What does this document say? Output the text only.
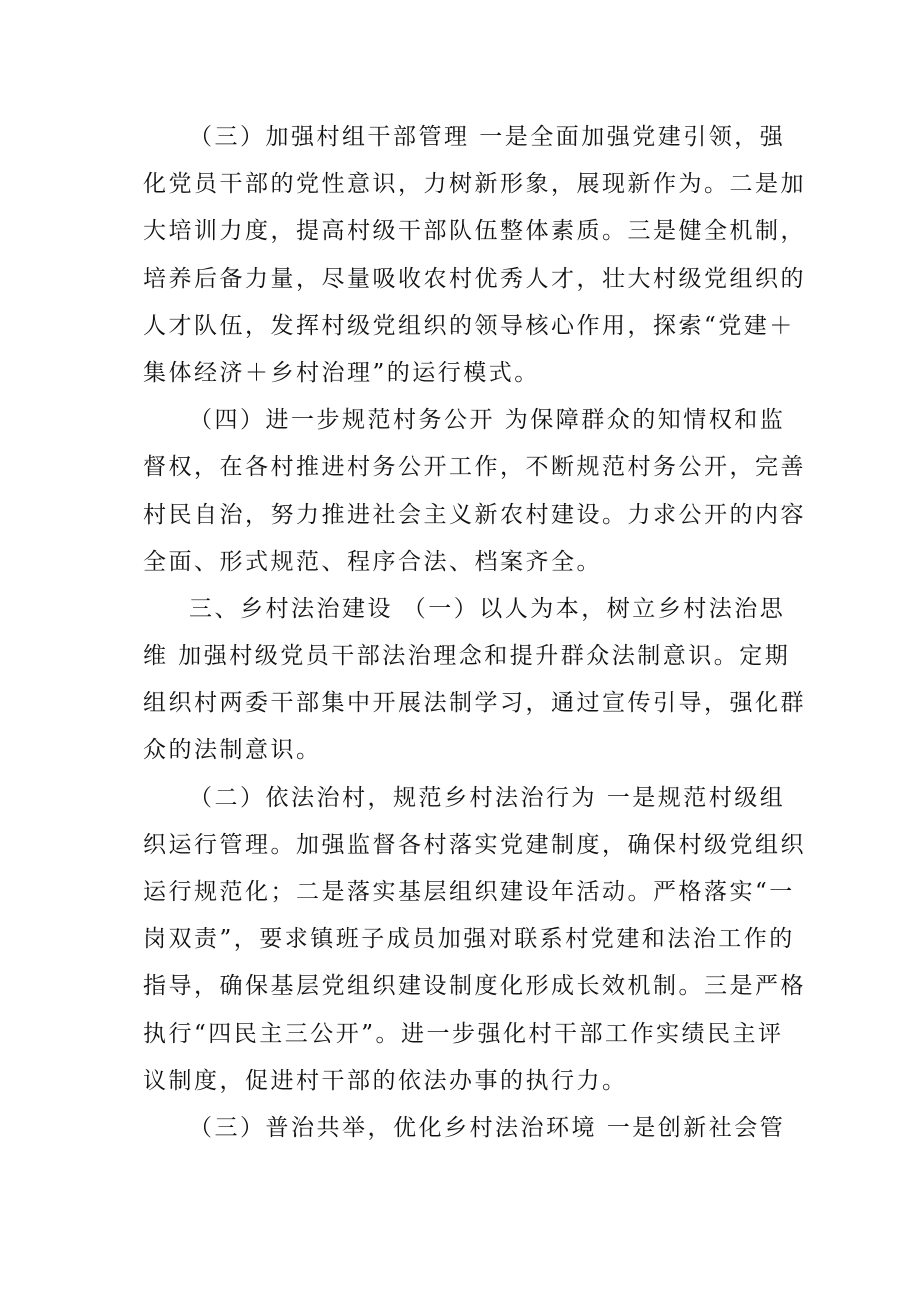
（三）加强村组干部管理 一是全面加强党建引领，强
化党员干部的党性意识，力树新形象，展现新作为。二是加
大培训力度，提高村级干部队伍整体素质。三是健全机制，
培养后备力量，尽量吸收农村优秀人才，壮大村级党组织的
人才队伍，发挥村级党组织的领导核心作用，探索“党建＋
集体经济＋乡村治理”的运行模式。
（四）进一步规范村务公开 为保障群众的知情权和监
督权，在各村推进村务公开工作，不断规范村务公开，完善
村民自治，努力推进社会主义新农村建设。力求公开的内容
全面、形式规范、程序合法、档案齐全。
三、乡村法治建设 （一）以人为本，树立乡村法治思
维 加强村级党员干部法治理念和提升群众法制意识。定期
组织村两委干部集中开展法制学习，通过宣传引导，强化群
众的法制意识。
（二）依法治村，规范乡村法治行为 一是规范村级组
织运行管理。加强监督各村落实党建制度，确保村级党组织
运行规范化；二是落实基层组织建设年活动。严格落实“一
岗双责”，要求镇班子成员加强对联系村党建和法治工作的
指导，确保基层党组织建设制度化形成长效机制。三是严格
执行“四民主三公开”。进一步强化村干部工作实绩民主评
议制度，促进村干部的依法办事的执行力。
（三）普治共举，优化乡村法治环境 一是创新社会管
